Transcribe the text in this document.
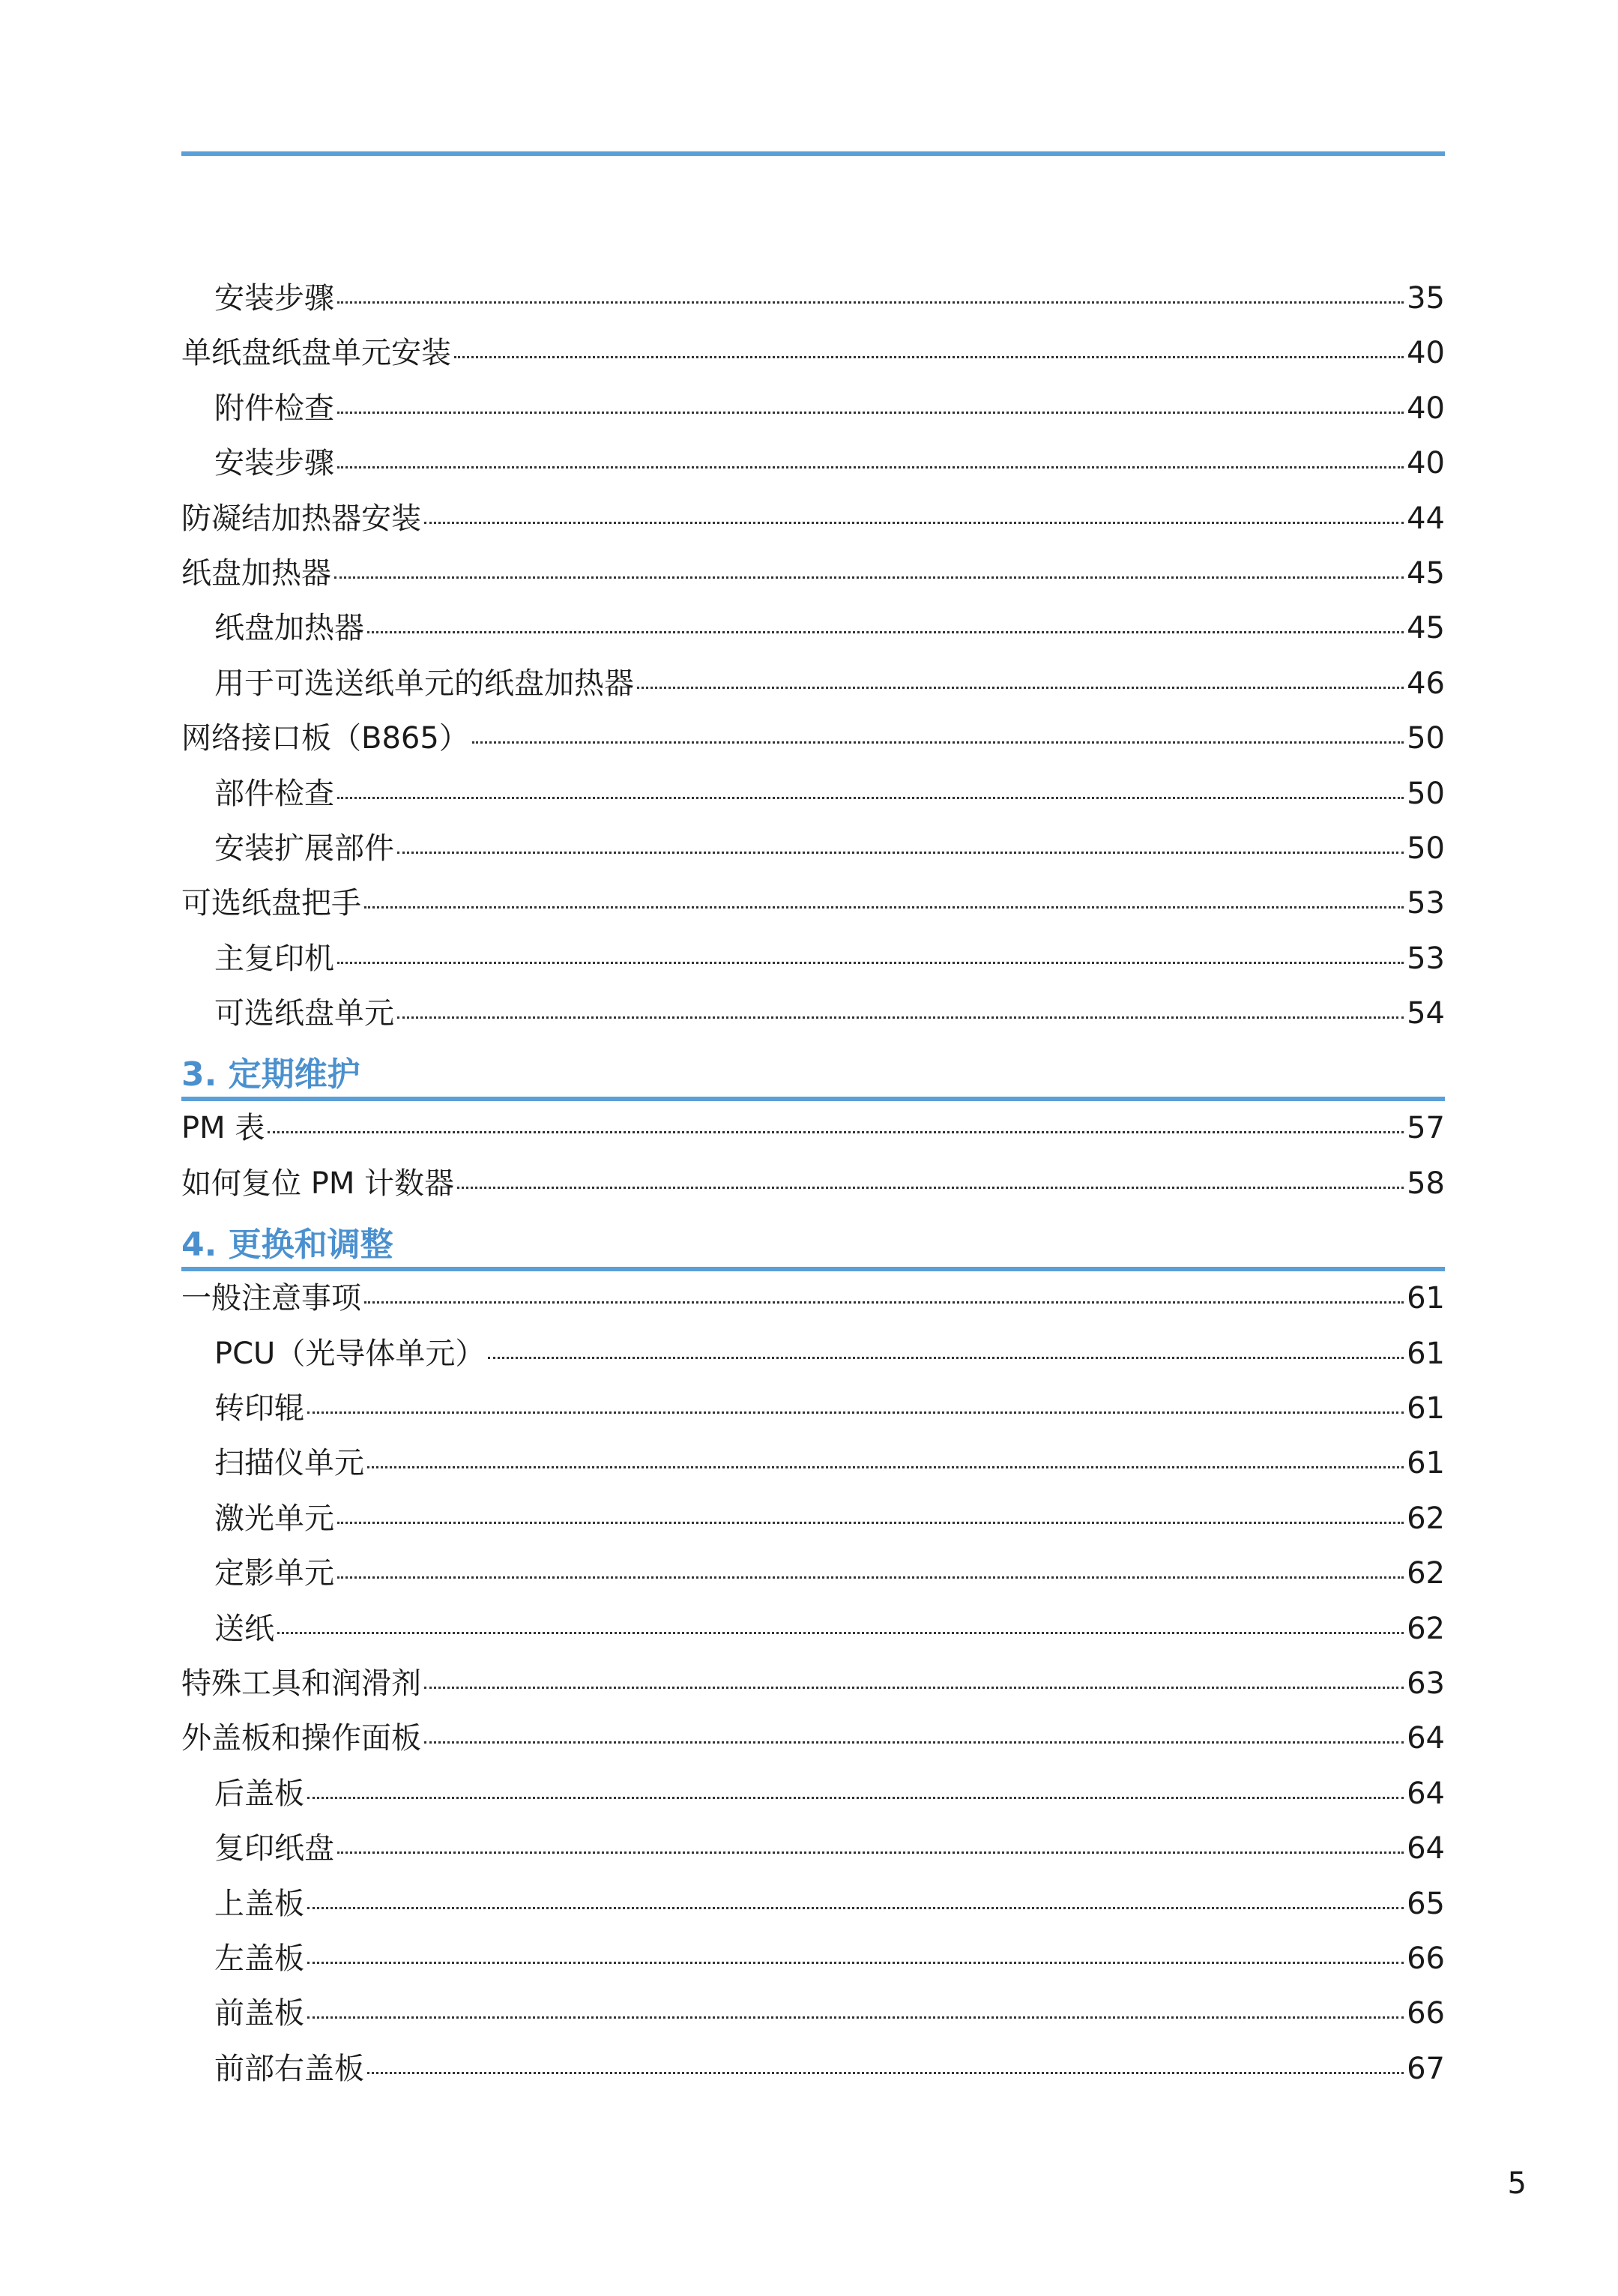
安装步骤	35
单纸盘纸盘单元安装	40
附件检查	40
安装步骤	40
防凝结加热器安装	44
纸盘加热器	45
纸盘加热器	45
用于可选送纸单元的纸盘加热器	46
网络接口板（B865）	50
部件检查	50
安装扩展部件	50
可选纸盘把手	53
主复印机	53
可选纸盘单元	54
3. 定期维护
PM 表	57
如何复位 PM 计数器	58
4. 更换和调整
一般注意事项	61
PCU（光导体单元）	61
转印辊	61
扫描仪单元	61
激光单元	62
定影单元	62
送纸	62
特殊工具和润滑剂	63
外盖板和操作面板	64
后盖板	64
复印纸盘	64
上盖板	65
左盖板	66
前盖板	66
前部右盖板	67
5
